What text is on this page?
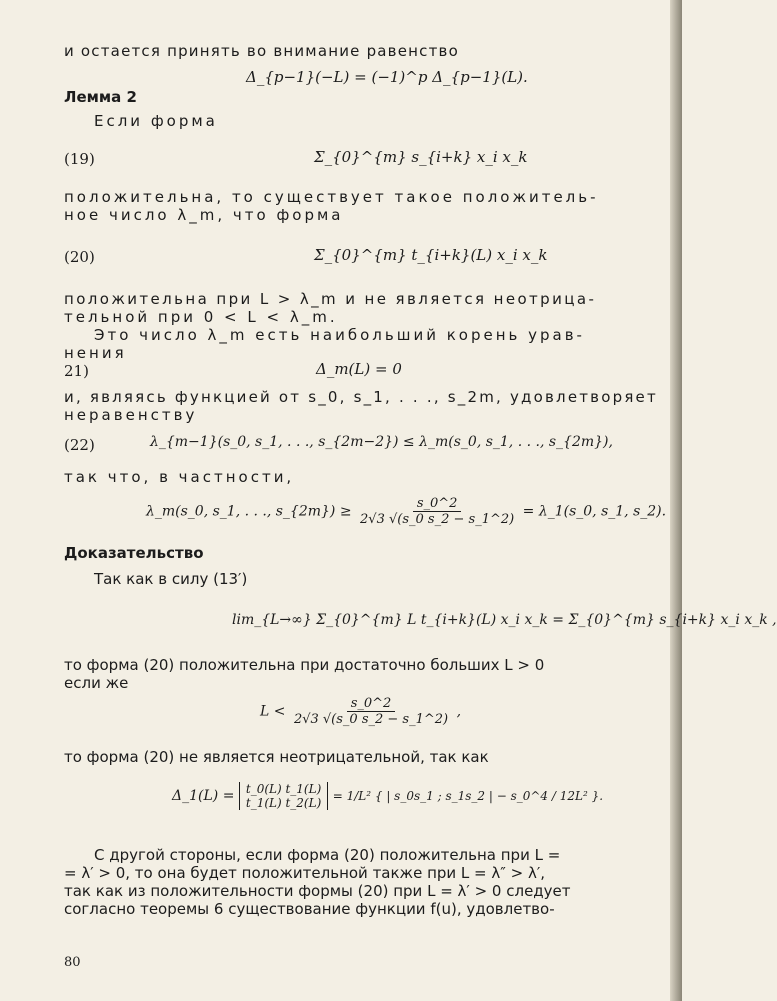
и остается принять во внимание равенство
Δ_{p−1}(−L) = (−1)^p Δ_{p−1}(L).
Лемма 2
Если форма
(19)	Σ_{0}^{m} s_{i+k} x_i x_k
положительна, то существует такое положитель-
ное число λ_m, что форма
(20)	Σ_{0}^{m} t_{i+k}(L) x_i x_k
положительна при L > λ_m и не является неотрица-
тельной при 0 < L < λ_m.
Это число λ_m есть наибольший корень урав-
нения
21)	Δ_m(L) = 0
и, являясь функцией от s_0, s_1, . . ., s_2m, удовлетворяет
неравенству
(22)	λ_{m−1}(s_0, s_1, . . ., s_{2m−2}) ≤ λ_m(s_0, s_1, . . ., s_{2m}),
так что, в частности,
λ_m(s_0, s_1, . . ., s_{2m}) ≥ $\frac{s\_0\^{}2}{2√3 √(s\_0 s\_2 - s\_1\^{}2)}$ = λ_1(s_0, s_1, s_2).
Доказательство
Так как в силу (13′)
lim_{L→∞} Σ_{0}^{m} L t_{i+k}(L) x_i x_k = Σ_{0}^{m} s_{i+k} x_i x_k ,
то форма (20) положительна при достаточно больших L > 0
если же
$L < \frac{s\_0\^{}2}{2√3 √(s\_0 s\_2 - s\_1\^{}2)}$ ,
то форма (20) не является неотрицательной, так как
Δ_1(L) = t_0(L) t_1(L)
t_1(L) t_2(L) = 1/L² { | s_0s_1 ; s_1s_2 | − s_0^4 / 12L² }.
С другой стороны, если форма (20) положительна при L =
= λ′ > 0, то она будет положительной также при L = λ″ > λ′,
так как из положительности формы (20) при L = λ′ > 0 следует
согласно теоремы 6 существование функции f(u), удовлетво-
80
